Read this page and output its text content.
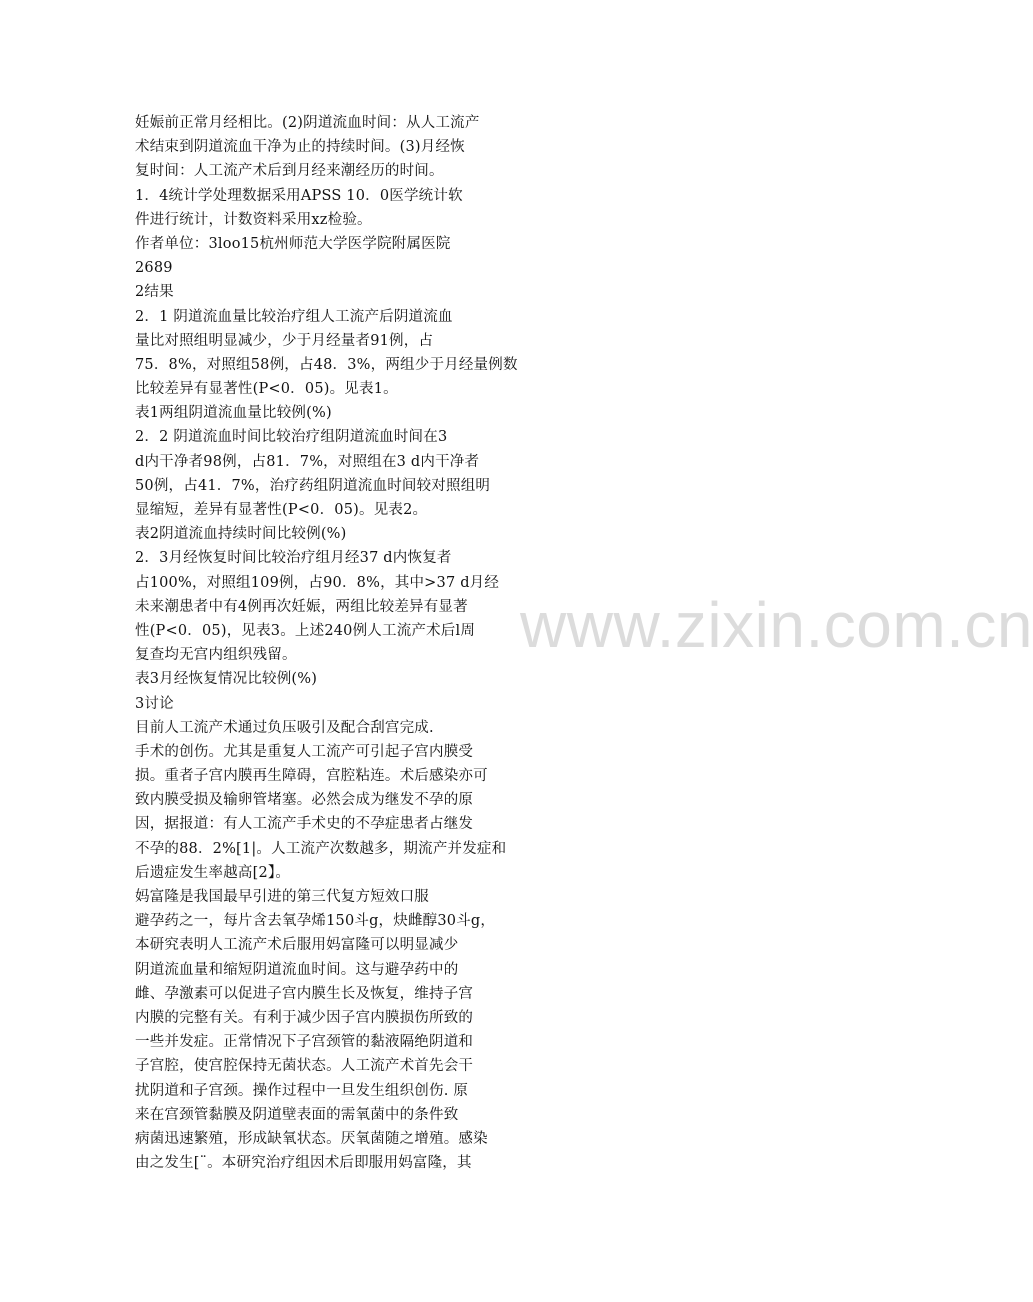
妊娠前正常月经相比。(2)阴道流血时间：从人工流产
术结束到阴道流血干净为止的持续时间。(3)月经恢
复时间：人工流产术后到月经来潮经历的时间。
1．4统计学处理数据采用APSS 10．0医学统计软
件进行统计，计数资料采用xz检验。
作者单位：3loo15杭州师范大学医学院附属医院
2689
2结果
2．1 阴道流血量比较治疗组人工流产后阴道流血
量比对照组明显减少，少于月经量者91例，占
75．8%，对照组58例，占48．3%，两组少于月经量例数
比较差异有显著性(P<0．05)。见表1。
表1两组阴道流血量比较例(%)
2．2 阴道流血时间比较治疗组阴道流血时间在3
d内干净者98例，占81．7%，对照组在3 d内干净者
50例，占41．7%，治疗药组阴道流血时间较对照组明
显缩短，差异有显著性(P<0．05)。见表2。
表2阴道流血持续时间比较例(%)
2．3月经恢复时间比较治疗组月经37 d内恢复者
占100%，对照组109例，占90．8%，其中>37 d月经
未来潮患者中有4例再次妊娠，两组比较差异有显著
性(P<0．05)，见表3。上述240例人工流产术后l周
复查均无宫内组织残留。
表3月经恢复情况比较例(%)
3讨论
目前人工流产术通过负压吸引及配合刮宫完成.
手术的创伤。尤其是重复人工流产可引起子宫内膜受
损。重者子宫内膜再生障碍，宫腔粘连。术后感染亦可
致内膜受损及输卵管堵塞。必然会成为继发不孕的原
因，据报道：有人工流产手术史的不孕症患者占继发
不孕的88．2%[1|。人工流产次数越多，期流产并发症和
后遗症发生率越高[2】。
妈富隆是我国最早引进的第三代复方短效口服
避孕药之一，每片含去氧孕烯150斗g，炔雌醇30斗g，
本研究表明人工流产术后服用妈富隆可以明显减少
阴道流血量和缩短阴道流血时间。这与避孕药中的
雌、孕激素可以促进子宫内膜生长及恢复，维持子宫
内膜的完整有关。有利于减少因子宫内膜损伤所致的
一些并发症。正常情况下子宫颈管的黏液隔绝阴道和
子宫腔，使宫腔保持无菌状态。人工流产术首先会干
扰阴道和子宫颈。操作过程中一旦发生组织创伤. 原
来在宫颈管黏膜及阴道壁表面的需氧菌中的条件致
病菌迅速繁殖，形成缺氧状态。厌氧菌随之增殖。感染
由之发生[¨。本研究治疗组因术后即服用妈富隆，其
www.zixin.com.cn
